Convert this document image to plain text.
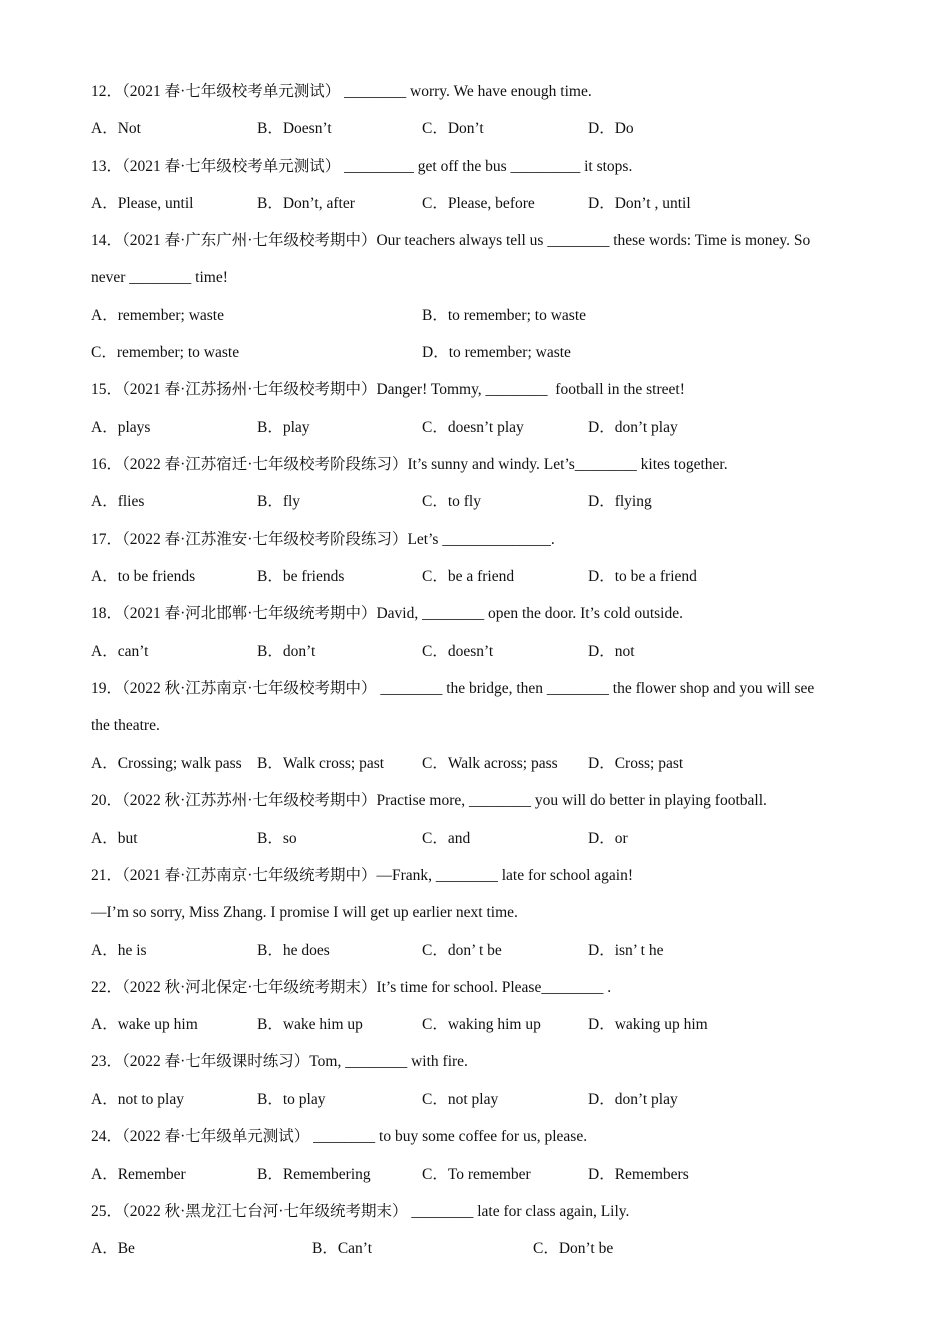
12．（2021 春·七年级校考单元测试） ________ worry. We have enough time.
A．Not	B．Doesn’t	C．Don’t	D．Do
13．（2021 春·七年级校考单元测试） _________ get off the bus _________ it stops.
A．Please, until	B．Don’t, after	C．Please, before	D．Don’t , until
14．（2021 春·广东广州·七年级校考期中）Our teachers always tell us ________ these words: Time is money. So
never ________ time!
A．remember; waste	B．to remember; to waste
C．remember; to waste	D．to remember; waste
15．（2021 春·江苏扬州·七年级校考期中）Danger! Tommy, ________  football in the street!
A．plays	B．play	C．doesn’t play	D．don’t play
16．（2022 春·江苏宿迁·七年级校考阶段练习）It’s sunny and windy. Let’s________ kites together.
A．flies	B．fly	C．to fly	D．flying
17．（2022 春·江苏淮安·七年级校考阶段练习）Let’s ______________.
A．to be friends	B．be friends	C．be a friend	D．to be a friend
18．（2021 春·河北邯郸·七年级统考期中）David, ________ open the door. It’s cold outside.
A．can’t	B．don’t	C．doesn’t	D．not
19．（2022 秋·江苏南京·七年级校考期中） ________ the bridge, then ________ the flower shop and you will see
the theatre.
A．Crossing; walk pass B．Walk cross; past C．Walk across; pass D．Cross; past
20．（2022 秋·江苏苏州·七年级校考期中）Practise more, ________ you will do better in playing football.
A．but	B．so	C．and	D．or
21．（2021 春·江苏南京·七年级统考期中）—Frank, ________ late for school again!
—I’m so sorry, Miss Zhang. I promise I will get up earlier next time.
A．he is	B．he does	C．don’ t be	D．isn’ t he
22．（2022 秋·河北保定·七年级统考期末）It’s time for school. Please________ .
A．wake up him	B．wake him up	C．waking him up	D．waking up him
23．（2022 春·七年级课时练习）Tom, ________ with fire.
A．not to play	B．to play	C．not play	D．don’t play
24．（2022 春·七年级单元测试） ________ to buy some coffee for us, please.
A．Remember	B．Remembering	C．To remember	D．Remembers
25．（2022 秋·黑龙江七台河·七年级统考期末） ________ late for class again, Lily.
A．Be	B．Can’t	C．Don’t be
